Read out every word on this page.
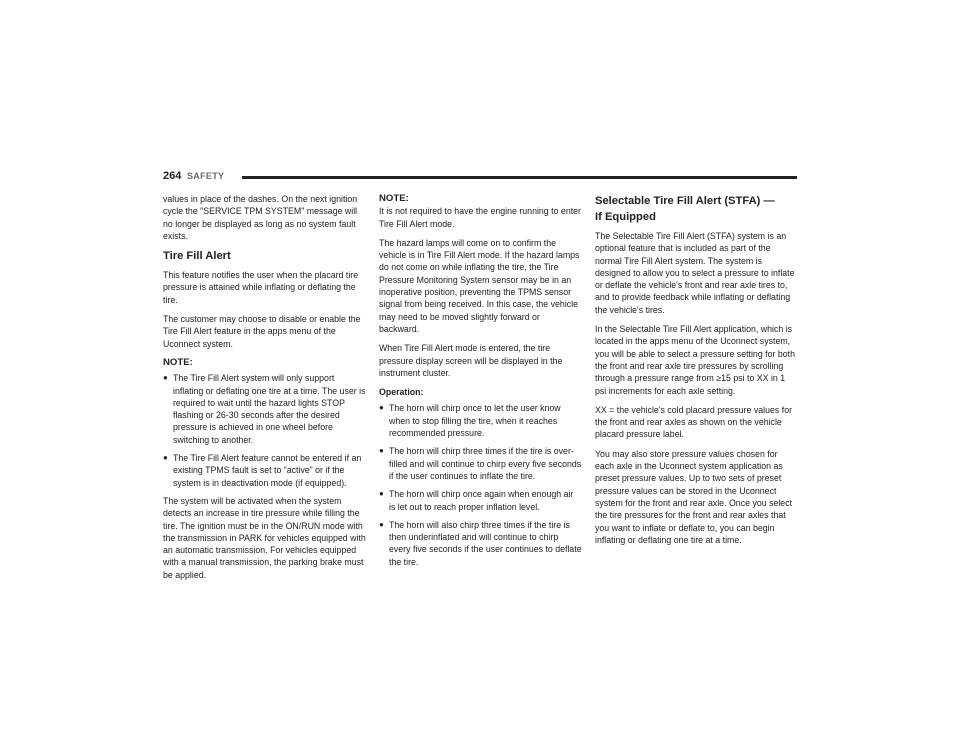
264 SAFETY

values in place of the dashes. On the next ignition cycle the "SERVICE TPM SYSTEM" message will no longer be displayed as long as no system fault exists.

Tire Fill Alert

This feature notifies the user when the placard tire pressure is attained while inflating or deflating the tire.

The customer may choose to disable or enable the Tire Fill Alert feature in the apps menu of the Uconnect system.

NOTE:
● The Tire Fill Alert system will only support inflating or deflating one tire at a time. The user is required to wait until the hazard lights STOP flashing or 26-30 seconds after the desired pressure is achieved in one wheel before switching to another.
● The Tire Fill Alert feature cannot be entered if an existing TPMS fault is set to “active” or if the system is in deactivation mode (if equipped).

The system will be activated when the system detects an increase in tire pressure while filling the tire. The ignition must be in the ON/RUN mode with the transmission in PARK for vehicles equipped with an automatic transmission. For vehicles equipped with a manual transmission, the parking brake must be applied.

NOTE:
It is not required to have the engine running to enter Tire Fill Alert mode.

The hazard lamps will come on to confirm the vehicle is in Tire Fill Alert mode. If the hazard lamps do not come on while inflating the tire, the Tire Pressure Monitoring System sensor may be in an inoperative position, preventing the TPMS sensor signal from being received. In this case, the vehicle may need to be moved slightly forward or backward.

When Tire Fill Alert mode is entered, the tire pressure display screen will be displayed in the instrument cluster.

Operation:
● The horn will chirp once to let the user know when to stop filling the tire, when it reaches recommended pressure.
● The horn will chirp three times if the tire is over-filled and will continue to chirp every five seconds if the user continues to inflate the tire.
● The horn will chirp once again when enough air is let out to reach proper inflation level.
● The horn will also chirp three times if the tire is then underinflated and will continue to chirp every five seconds if the user continues to deflate the tire.
Selectable Tire Fill Alert (STFA) —
If Equipped

The Selectable Tire Fill Alert (STFA) system is an optional feature that is included as part of the normal Tire Fill Alert system. The system is designed to allow you to select a pressure to inflate or deflate the vehicle's front and rear axle tires to, and to provide feedback while inflating or deflating the vehicle's tires.

In the Selectable Tire Fill Alert application, which is located in the apps menu of the Uconnect system, you will be able to select a pressure setting for both the front and rear axle tire pressures by scrolling through a pressure range from ≥15 psi to XX in 1 psi increments for each axle setting.

XX = the vehicle's cold placard pressure values for the front and rear axles as shown on the vehicle placard pressure label.

You may also store pressure values chosen for each axle in the Uconnect system application as preset pressure values. Up to two sets of preset pressure values can be stored in the Uconnect system for the front and rear axle. Once you select the tire pressures for the front and rear axles that you want to inflate or deflate to, you can begin inflating or deflating one tire at a time.
